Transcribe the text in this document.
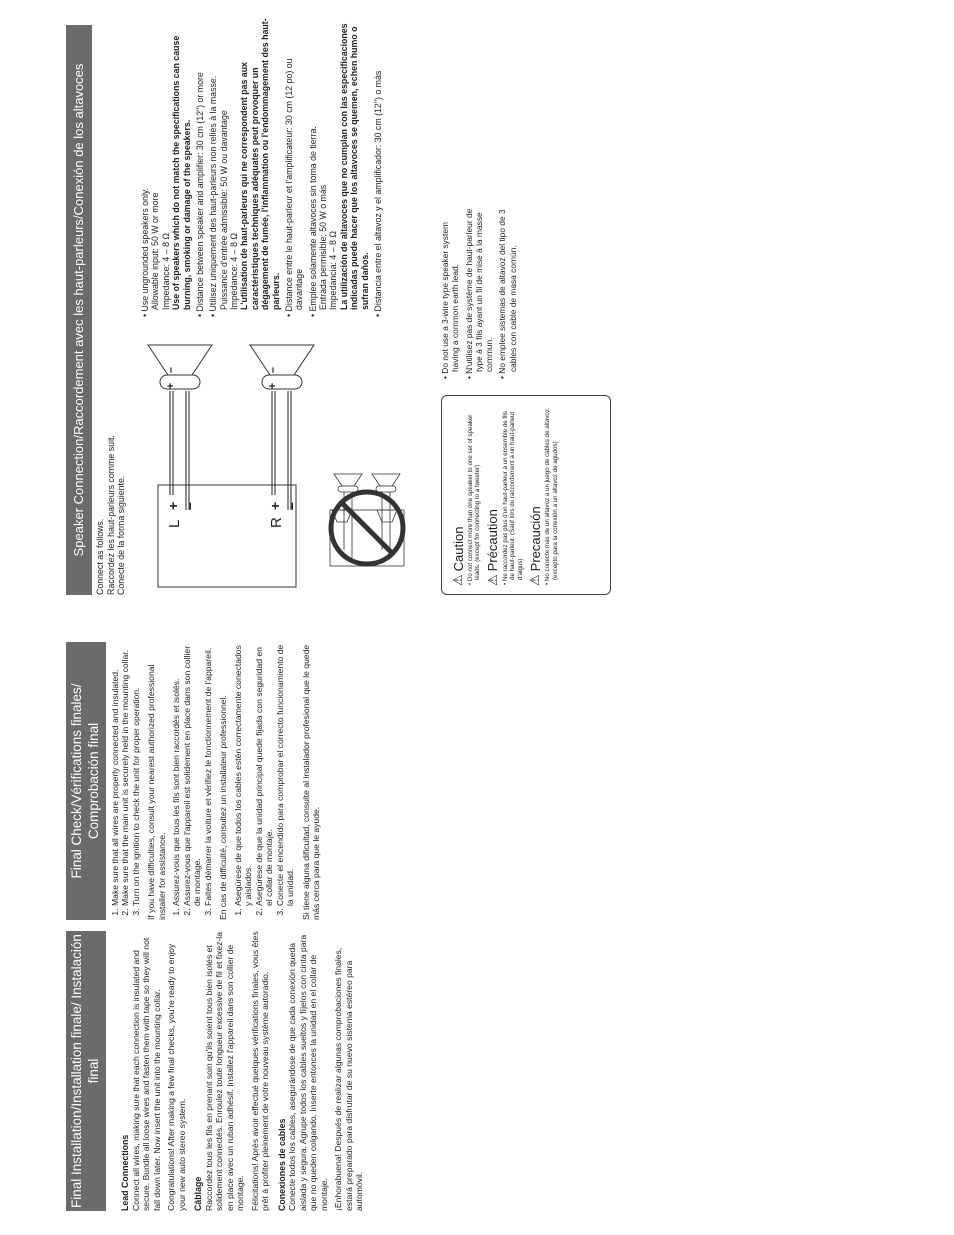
Final Installation/Installation finale/ Instalación final
Lead Connections Connect all wires, making sure that each connection is insulated and secure. Bundle all loose wires and fasten them with tape so they will not fall down later. Now insert the unit into the mounting collar. Congratulations! After making a few final checks, you're ready to enjoy your new auto stereo system. Câblage Raccordez tous les fils en prenant soin qu'ils soient tous bien isolés et solidement connectés. Enroulez toute longueur excessive de fil et fixez-la en place avec un ruban adhésif. Installez l'appareil dans son collier de montage. Félicitations! Après avoir effectué quelques vérifications finales, vous êtes prêt à profiter pleinement de votre nouveau système autoradio. Conexiones de cables Conecte todos los cables, asegurándose de que cada conexión queda aislada y segura. Agrupe todos los cables sueltos y fíjelos con cinta para que no queden colgando. Inserte entonces la unidad en el collar de montaje. ¡Enhorabuena! Después de realizar algunas comprobaciones finales, estará preparado para disfrutar de su nuevo sistema estéreo para automóvil.

Final Check/Vérifications finales/ Comprobación final 1. Make sure that all wires are properly connected and insulated. 2. Make sure that the main unit is securely held in the mounting collar. 3. Turn on the ignition to check the unit for proper operation. If you have difficulties, consult your nearest authorized professional installer for assistance. 1. Assurez-vous que tous les fils sont bien raccordés et isolés. 2. Assurez-vous que l'appareil est solidement en place dans son collier de montage. 3. Faites démarrer la voiture et vérifiez le fonctionnement de l'appareil. En cas de difficulté, consultez un installateur professionnel. 1. Asegúrese de que todos los cables estén correctamente conectados y aislados. 2. Asegúrese de que la unidad principal quede fijada con seguridad en el collar de montaje. 3. Conecte el encendido para comprobar el correcto funcionamiento de la unidad. Si tiene alguna dificultad, consulte al instalador profesional que le quede más cerca para que le ayude.

Speaker Connection/Raccordement avec les haut-parleurs/Conexión de los altavoces
Connect as follows. Raccordez les haut-parleurs comme suit. Conecte de la forma siguiente.
+
–
+
–
L
+ –
R
+ –
⚠
Caution
• Do not connect more than one speaker to one set of speaker leads. (except for connecting to a tweeter)
⚠
Précaution
• Ne raccordez pas plus d'un haut-parleur à un ensemble de fils de haut-parleur. (Sauf lors du raccordement à un haut-parleur d'aigus)
⚠
Precaución
• No conecte más de un altavoz a un juego de cables de altavoz. (excepto para la conexión a un altavoz de agudos)
• Use ungrounded speakers only.
Allowable input: 50 W or more
Impedance: 4 – 8 Ω
Use of speakers which do not match the specifications can cause burning, smoking or damage of the speakers.
• Distance between speaker and amplifier: 30 cm (12") or more
• Utilisez uniquement des haut-parleurs non reliés à la masse.
Puissance d'entrée admissible: 50 W ou davantage
Impédance: 4 – 8 Ω
L'utilisation de haut-parleurs qui ne correspondent pas aux caractéristiques techniques adéquates peut provoquer un dégagement de fumée, l'inflammation ou l'endommagement des haut-parleurs.
• Distance entre le haut-parleur et l'amplificateur: 30 cm (12 po) ou davantage
• Emplee solamente altavoces sin toma de tierra.
Entrada permisible: 50 W o más
Impedancia: 4 – 8 Ω
La utilización de altavoces que no cumplan con las especificaciones indicadas puede hacer que los altavoces se quemen, echen humo o sufran daños.
• Distancia entre el altavoz y el amplificador: 30 cm (12") o más
• Do not use a 3-wire type speaker system having a common earth lead.
• N'utilisez pas de système de haut-parleur de type à 3 fils ayant un fil de mise à la masse commun.
• No emplee sistemas de altavoz del tipo de 3 cables con cable de masa común.
